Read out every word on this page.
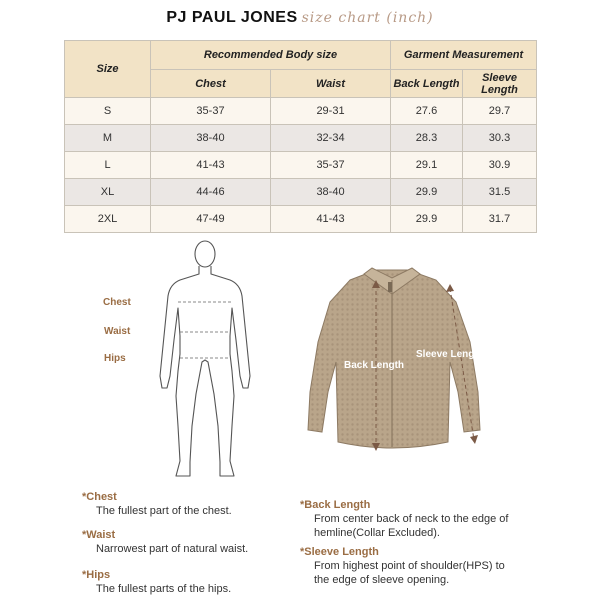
PJ PAUL JONES size chart (inch)
Size	Recommended Body size		Garment Measurement	
	Chest	Waist	Back Length	Sleeve Length
S	35-37	29-31	27.6	29.7
M	38-40	32-34	28.3	30.3
L	41-43	35-37	29.1	30.9
XL	44-46	38-40	29.9	31.5
2XL	47-49	41-43	29.9	31.7
Chest
Waist
Hips
Back Length
Sleeve Length
*Chest
The fullest part of the chest.
*Waist
Narrowest part of natural waist.
*Hips
The fullest parts of the hips.
*Back Length
From center back of neck to the edge of
hemline(Collar Excluded).
*Sleeve Length
From highest point of shoulder(HPS) to
the edge of sleeve opening.
